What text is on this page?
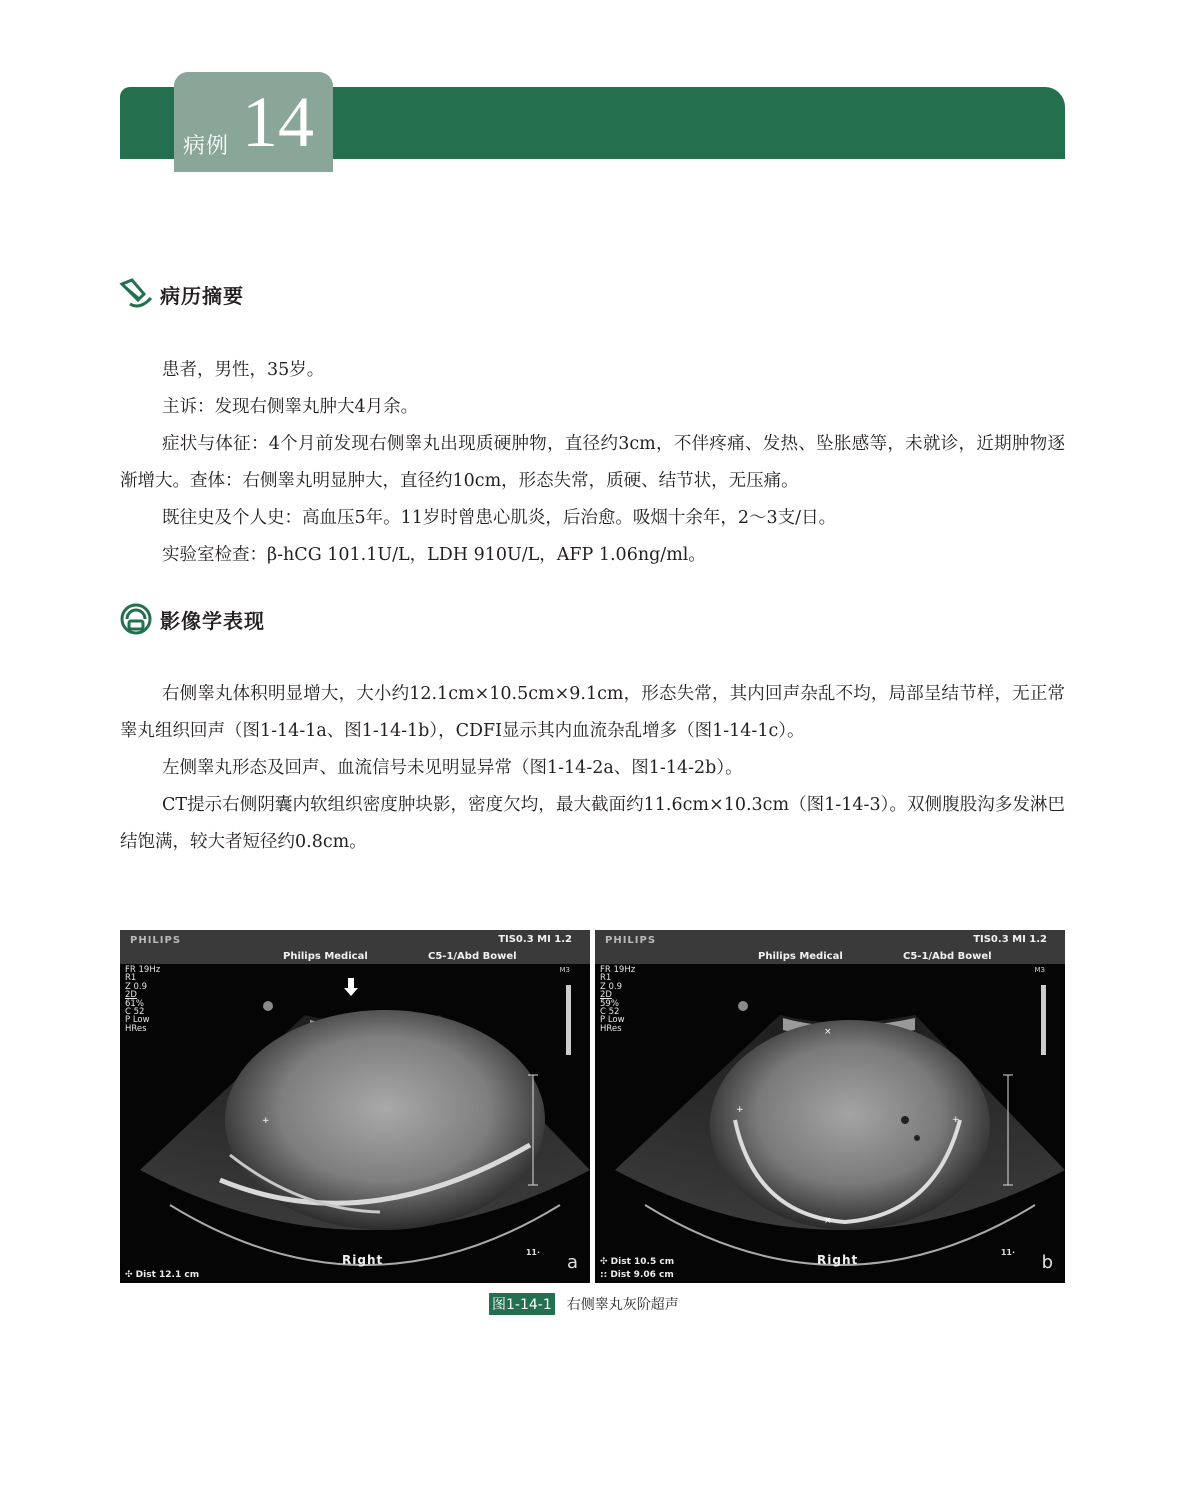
病例 14
病历摘要

患者，男性，35岁。

主诉：发现右侧睾丸肿大4月余。

症状与体征：4个月前发现右侧睾丸出现质硬肿物，直径约3cm，不伴疼痛、发热、坠胀感等，未就诊，近期肿物逐渐增大。查体：右侧睾丸明显肿大，直径约10cm，形态失常，质硬、结节状，无压痛。

既往史及个人史：高血压5年。11岁时曾患心肌炎，后治愈。吸烟十余年，2～3支/日。

实验室检查：β-hCG 101.1U/L，LDH 910U/L，AFP 1.06ng/ml。

影像学表现

右侧睾丸体积明显增大，大小约12.1cm×10.5cm×9.1cm，形态失常，其内回声杂乱不均，局部呈结节样，无正常睾丸组织回声（图1-14-1a、图1-14-1b），CDFI显示其内血流杂乱增多（图1-14-1c）。

左侧睾丸形态及回声、血流信号未见明显异常（图1-14-2a、图1-14-2b）。

CT提示右侧阴囊内软组织密度肿块影，密度欠均，最大截面约11.6cm×10.3cm（图1-14-3）。双侧腹股沟多发淋巴结饱满，较大者短径约0.8cm。

+
PHILIPS	TIS0.3 MI 1.2
Philips Medical	C5-1/Abd Bowel
FR 19Hz
R1
Z 0.9
2D
61%
C 52
P Low
HRes
M3
Right
11· a
✣ Dist 12.1 cm
×
+
+
×
PHILIPS	TIS0.3 MI 1.2
Philips Medical	C5-1/Abd Bowel
FR 19Hz
R1
Z 0.9
2D
59%
C 52
P Low
HRes
M3
Right
11· b
✣ Dist 10.5 cm
:: Dist 9.06 cm
图1-14-1 右侧睾丸灰阶超声
